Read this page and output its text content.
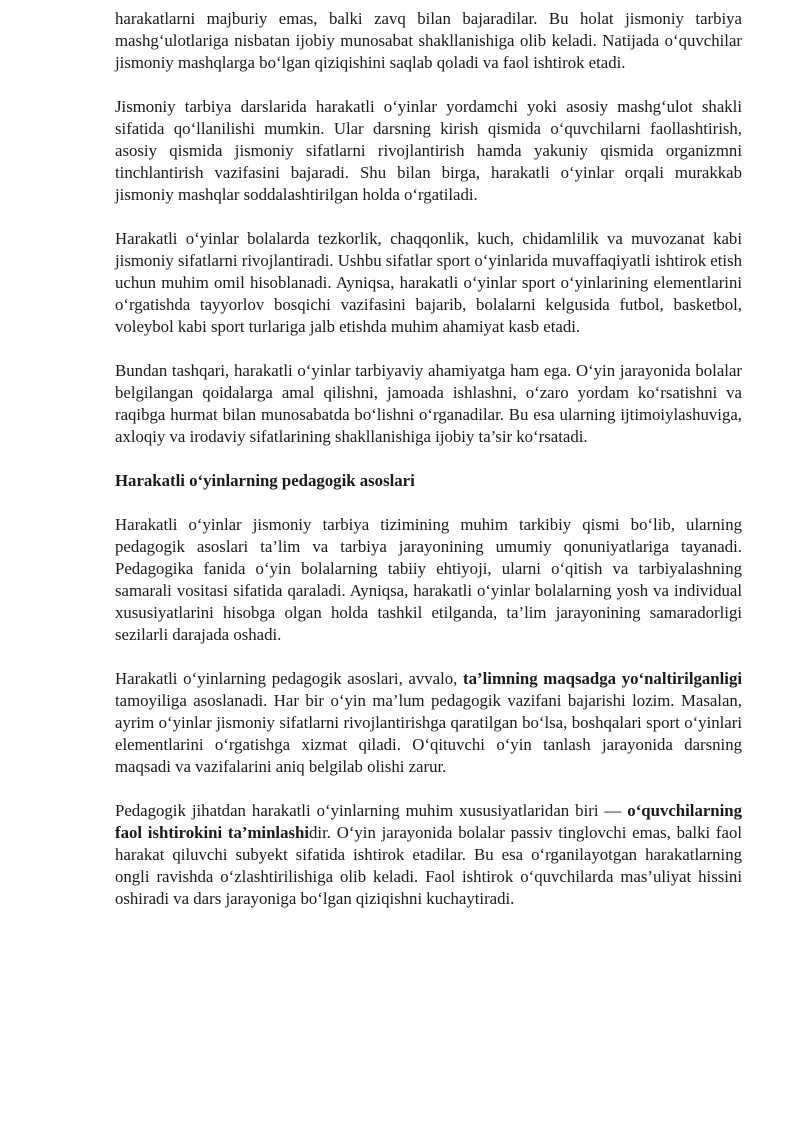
harakatlarni majburiy emas, balki zavq bilan bajaradilar. Bu holat jismoniy tarbiya mashg‘ulotlariga nisbatan ijobiy munosabat shakllanishiga olib keladi. Natijada o‘quvchilar jismoniy mashqlarga bo‘lgan qiziqishini saqlab qoladi va faol ishtirok etadi.

Jismoniy tarbiya darslarida harakatli o‘yinlar yordamchi yoki asosiy mashg‘ulot shakli sifatida qo‘llanilishi mumkin. Ular darsning kirish qismida o‘quvchilarni faollashtirish, asosiy qismida jismoniy sifatlarni rivojlantirish hamda yakuniy qismida organizmni tinchlantirish vazifasini bajaradi. Shu bilan birga, harakatli o‘yinlar orqali murakkab jismoniy mashqlar soddalashtirilgan holda o‘rgatiladi.

Harakatli o‘yinlar bolalarda tezkorlik, chaqqonlik, kuch, chidamlilik va muvozanat kabi jismoniy sifatlarni rivojlantiradi. Ushbu sifatlar sport o‘yinlarida muvaffaqiyatli ishtirok etish uchun muhim omil hisoblanadi. Ayniqsa, harakatli o‘yinlar sport o‘yinlarining elementlarini o‘rgatishda tayyorlov bosqichi vazifasini bajarib, bolalarni kelgusida futbol, basketbol, voleybol kabi sport turlariga jalb etishda muhim ahamiyat kasb etadi.

Bundan tashqari, harakatli o‘yinlar tarbiyaviy ahamiyatga ham ega. O‘yin jarayonida bolalar belgilangan qoidalarga amal qilishni, jamoada ishlashni, o‘zaro yordam ko‘rsatishni va raqibga hurmat bilan munosabatda bo‘lishni o‘rganadilar. Bu esa ularning ijtimoiylashuviga, axloqiy va irodaviy sifatlarining shakllanishiga ijobiy ta’sir ko‘rsatadi.

Harakatli o‘yinlarning pedagogik asoslari

Harakatli o‘yinlar jismoniy tarbiya tizimining muhim tarkibiy qismi bo‘lib, ularning pedagogik asoslari ta’lim va tarbiya jarayonining umumiy qonuniyatlariga tayanadi. Pedagogika fanida o‘yin bolalarning tabiiy ehtiyoji, ularni o‘qitish va tarbiyalashning samarali vositasi sifatida qaraladi. Ayniqsa, harakatli o‘yinlar bolalarning yosh va individual xususiyatlarini hisobga olgan holda tashkil etilganda, ta’lim jarayonining samaradorligi sezilarli darajada oshadi.

Harakatli o‘yinlarning pedagogik asoslari, avvalo, ta’limning maqsadga yo‘naltirilganligi tamoyiliga asoslanadi. Har bir o‘yin ma’lum pedagogik vazifani bajarishi lozim. Masalan, ayrim o‘yinlar jismoniy sifatlarni rivojlantirishga qaratilgan bo‘lsa, boshqalari sport o‘yinlari elementlarini o‘rgatishga xizmat qiladi. O‘qituvchi o‘yin tanlash jarayonida darsning maqsadi va vazifalarini aniq belgilab olishi zarur.

Pedagogik jihatdan harakatli o‘yinlarning muhim xususiyatlaridan biri — o‘quvchilarning faol ishtirokini ta’minlashidir. O‘yin jarayonida bolalar passiv tinglovchi emas, balki faol harakat qiluvchi subyekt sifatida ishtirok etadilar. Bu esa o‘rganilayotgan harakatlarning ongli ravishda o‘zlashtirilishiga olib keladi. Faol ishtirok o‘quvchilarda mas’uliyat hissini oshiradi va dars jarayoniga bo‘lgan qiziqishni kuchaytiradi.
